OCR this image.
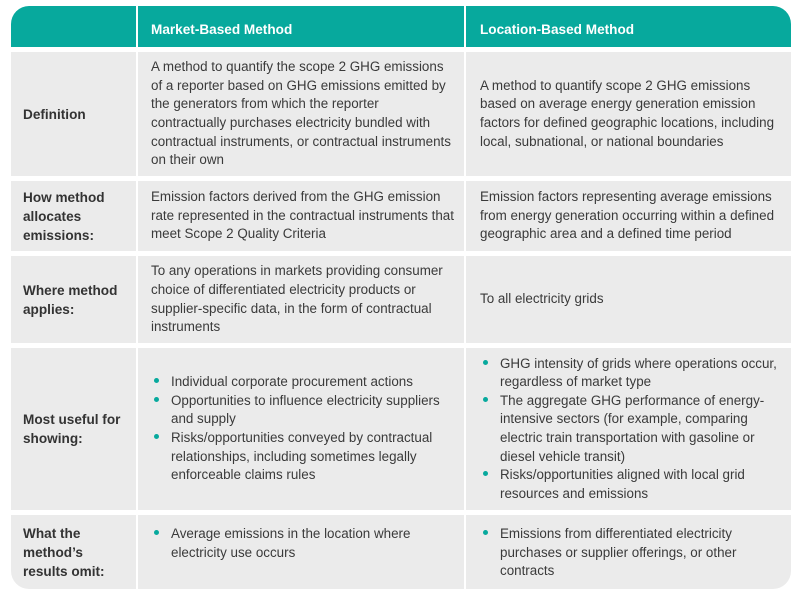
Market-Based Method	Location-Based Method
Definition
A method to quantify the scope 2 GHG emissions of a reporter based on GHG emissions emitted by the generators from which the reporter contractually purchases electricity bundled with contractual instruments, or contractual instruments on their own
A method to quantify scope 2 GHG emissions based on average energy generation emission factors for defined geographic locations, including local, subnational, or national boundaries
How method allocates emissions:
Emission factors derived from the GHG emission rate represented in the contractual instruments that meet Scope 2 Quality Criteria
Emission factors representing average emissions from energy generation occurring within a defined geographic area and a defined time period
Where method applies:
To any operations in markets providing consumer choice of differentiated electricity products or supplier-specific data, in the form of contractual instruments
To all electricity grids
Most useful for showing:
Individual corporate procurement actions
Opportunities to influence electricity suppliers and supply
Risks/opportunities conveyed by contractual relationships, including sometimes legally enforceable claims rules
GHG intensity of grids where operations occur, regardless of market type
The aggregate GHG performance of energy-intensive sectors (for example, comparing electric train transportation with gasoline or diesel vehicle transit)
Risks/opportunities aligned with local grid resources and emissions
What the method’s results omit:
Average emissions in the location where electricity use occurs
Emissions from differentiated electricity purchases or supplier offerings, or other contracts
